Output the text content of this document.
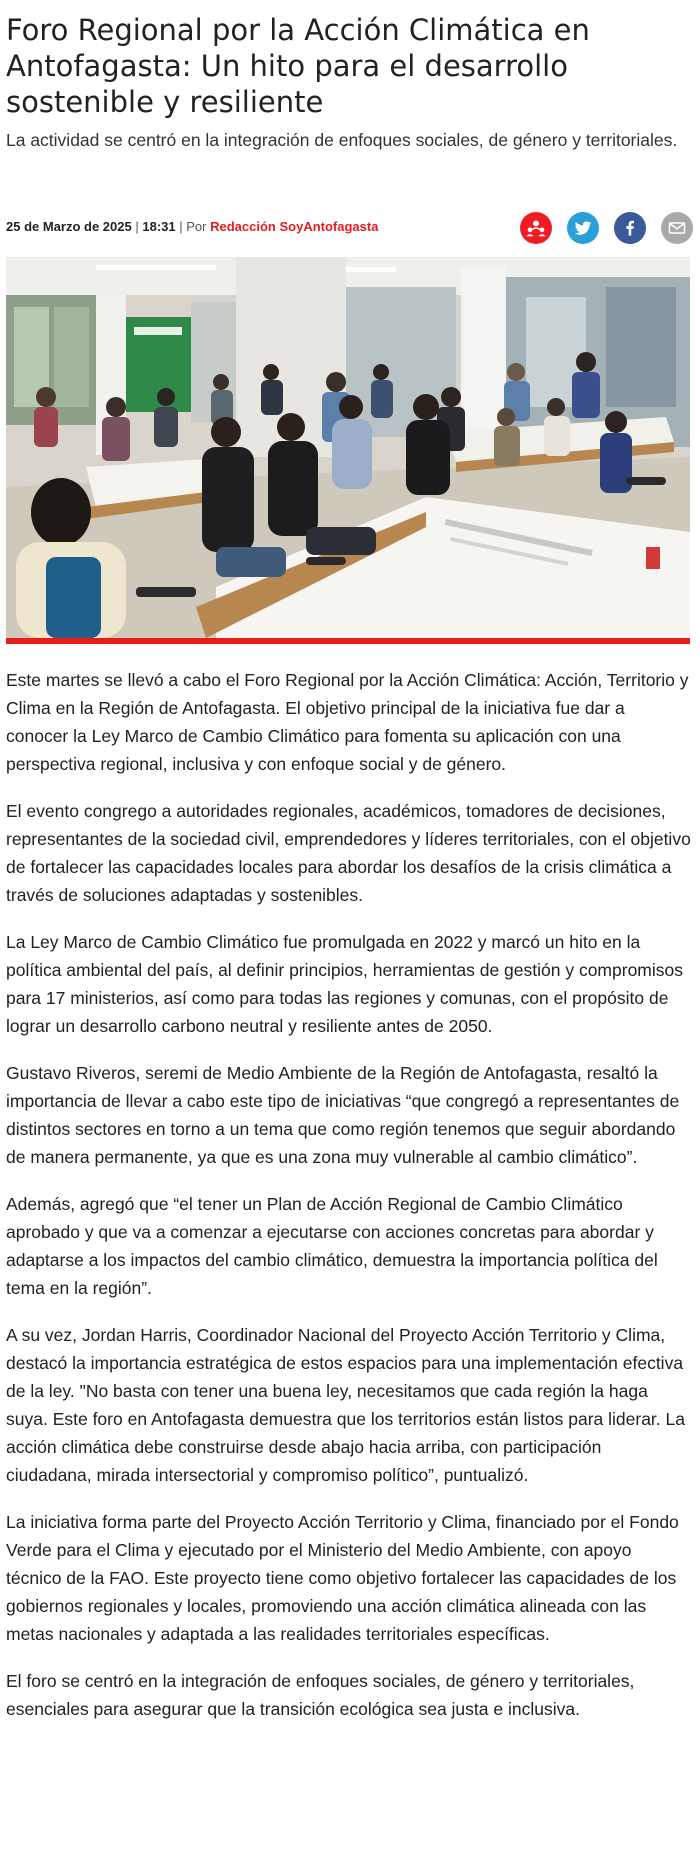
Foro Regional por la Acción Climática en Antofagasta: Un hito para el desarrollo sostenible y resiliente

La actividad se centró en la integración de enfoques sociales, de género y territoriales.

25 de Marzo de 2025 | 18:31 | Por Redacción SoyAntofagasta

Este martes se llevó a cabo el Foro Regional por la Acción Climática: Acción, Territorio y Clima en la Región de Antofagasta. El objetivo principal de la iniciativa fue dar a conocer la Ley Marco de Cambio Climático para fomenta su aplicación con una perspectiva regional, inclusiva y con enfoque social y de género.

El evento congrego a autoridades regionales, académicos, tomadores de decisiones, representantes de la sociedad civil, emprendedores y líderes territoriales, con el objetivo de fortalecer las capacidades locales para abordar los desafíos de la crisis climática a través de soluciones adaptadas y sostenibles.

La Ley Marco de Cambio Climático fue promulgada en 2022 y marcó un hito en la política ambiental del país, al definir principios, herramientas de gestión y compromisos para 17 ministerios, así como para todas las regiones y comunas, con el propósito de lograr un desarrollo carbono neutral y resiliente antes de 2050.

Gustavo Riveros, seremi de Medio Ambiente de la Región de Antofagasta, resaltó la importancia de llevar a cabo este tipo de iniciativas “que congregó a representantes de distintos sectores en torno a un tema que como región tenemos que seguir abordando de manera permanente, ya que es una zona muy vulnerable al cambio climático”.

Además, agregó que “el tener un Plan de Acción Regional de Cambio Climático aprobado y que va a comenzar a ejecutarse con acciones concretas para abordar y adaptarse a los impactos del cambio climático, demuestra la importancia política del tema en la región”.

A su vez, Jordan Harris, Coordinador Nacional del Proyecto Acción Territorio y Clima, destacó la importancia estratégica de estos espacios para una implementación efectiva de la ley. "No basta con tener una buena ley, necesitamos que cada región la haga suya. Este foro en Antofagasta demuestra que los territorios están listos para liderar. La acción climática debe construirse desde abajo hacia arriba, con participación ciudadana, mirada intersectorial y compromiso político”, puntualizó.

La iniciativa forma parte del Proyecto Acción Territorio y Clima, financiado por el Fondo Verde para el Clima y ejecutado por el Ministerio del Medio Ambiente, con apoyo técnico de la FAO. Este proyecto tiene como objetivo fortalecer las capacidades de los gobiernos regionales y locales, promoviendo una acción climática alineada con las metas nacionales y adaptada a las realidades territoriales específicas.

El foro se centró en la integración de enfoques sociales, de género y territoriales, esenciales para asegurar que la transición ecológica sea justa e inclusiva.
